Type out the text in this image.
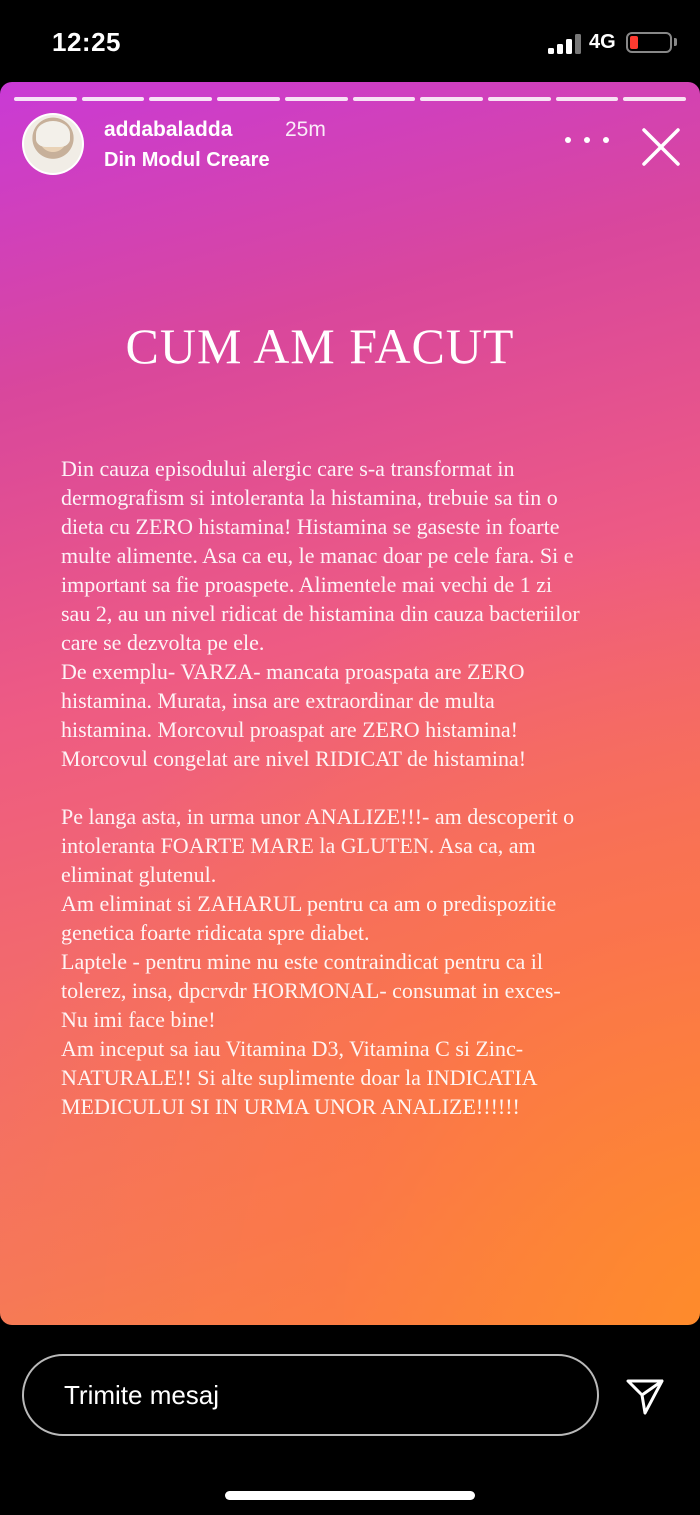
12:25	4G
addabaladda	25m
Din Modul Creare
CUM AM FACUT

Din cauza episodului alergic care s-a transformat in

dermografism si intoleranta la histamina, trebuie sa tin o

dieta cu ZERO histamina! Histamina se gaseste in foarte

multe alimente. Asa ca eu, le manac doar pe cele fara. Si e

important sa fie proaspete. Alimentele mai vechi de 1 zi

sau 2, au un nivel ridicat de histamina din cauza bacteriilor

care se dezvolta pe ele.

De exemplu- VARZA- mancata proaspata are ZERO

histamina. Murata, insa are extraordinar de multa

histamina. Morcovul proaspat are ZERO histamina!

Morcovul congelat are nivel RIDICAT de histamina!

Pe langa asta, in urma unor ANALIZE!!!- am descoperit o

intoleranta FOARTE MARE la GLUTEN. Asa ca, am

eliminat glutenul.

Am eliminat si ZAHARUL pentru ca am o predispozitie

genetica foarte ridicata spre diabet.

Laptele - pentru mine nu este contraindicat pentru ca il

tolerez, insa, dpcrvdr HORMONAL- consumat in exces-

Nu imi face bine!

Am inceput sa iau Vitamina D3, Vitamina C si Zinc-

NATURALE!! Si alte suplimente doar la INDICATIA

MEDICULUI SI IN URMA UNOR ANALIZE!!!!!!

Trimite mesaj
